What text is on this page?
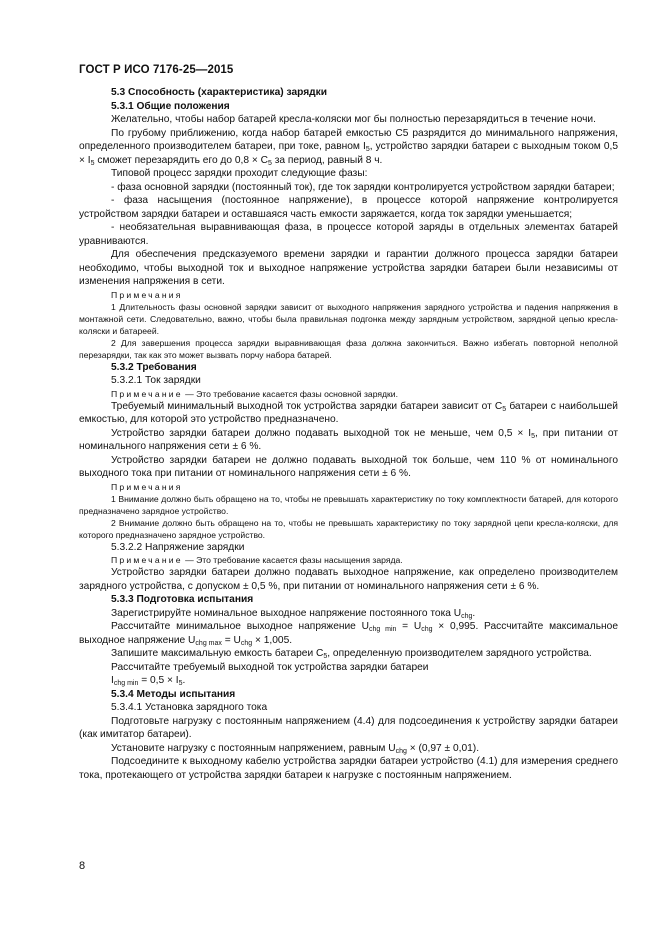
ГОСТ Р ИСО 7176-25—2015

5.3 Способность (характеристика) зарядки

5.3.1 Общие положения

Желательно, чтобы набор батарей кресла-коляски мог бы полностью перезарядиться в течение ночи.

По грубому приближению, когда набор батарей емкостью C5 разрядится до минимального напряжения, определенного производителем батареи, при токе, равном $I_5$, устройство зарядки батареи с выходным током $0,5 \times I_5$ сможет перезарядить его до $0,8 \times C_5$ за период, равный 8 ч.

Типовой процесс зарядки проходит следующие фазы:

- фаза основной зарядки (постоянный ток), где ток зарядки контролируется устройством зарядки батареи;

- фаза насыщения (постоянное напряжение), в процессе которой напряжение контролируется устройством зарядки батареи и оставшаяся часть емкости заряжается, когда ток зарядки уменьшается;

- необязательная выравнивающая фаза, в процессе которой заряды в отдельных элементах батарей уравниваются.

Для обеспечения предсказуемого времени зарядки и гарантии должного процесса зарядки батареи необходимо, чтобы выходной ток и выходное напряжение устройства зарядки батареи были независимы от изменения напряжения в сети.

Примечания

1 Длительность фазы основной зарядки зависит от выходного напряжения зарядного устройства и падения напряжения в монтажной сети. Следовательно, важно, чтобы была правильная подгонка между зарядным устройством, зарядной цепью кресла-коляски и батареей.

2 Для завершения процесса зарядки выравнивающая фаза должна закончиться. Важно избегать повторной неполной перезарядки, так как это может вызвать порчу набора батарей.

5.3.2 Требования

5.3.2.1 Ток зарядки

Примечание — Это требование касается фазы основной зарядки.

Требуемый минимальный выходной ток устройства зарядки батареи зависит от $C_5$ батареи с наибольшей емкостью, для которой это устройство предназначено.

Устройство зарядки батареи должно подавать выходной ток не меньше, чем $0,5 \times I_5$, при питании от номинального напряжения сети ± 6 %.

Устройство зарядки батареи не должно подавать выходной ток больше, чем 110 % от номинального выходного тока при питании от номинального напряжения сети ± 6 %.

Примечания

1 Внимание должно быть обращено на то, чтобы не превышать характеристику по току комплектности батарей, для которого предназначено зарядное устройство.

2 Внимание должно быть обращено на то, чтобы не превышать характеристику по току зарядной цепи кресла-коляски, для которого предназначено зарядное устройство.

5.3.2.2 Напряжение зарядки

Примечание — Это требование касается фазы насыщения заряда.

Устройство зарядки батареи должно подавать выходное напряжение, как определено производителем зарядного устройства, с допуском ± 0,5 %, при питании от номинального напряжения сети ± 6 %.

5.3.3 Подготовка испытания

Зарегистрируйте номинальное выходное напряжение постоянного тока $U_{chg}$.

Рассчитайте минимальное выходное напряжение $U_{chg min} = U_{chg} \times 0,995$. Рассчитайте максимальное выходное напряжение $U_{chg max} = U_{chg} \times 1,005$.

Запишите максимальную емкость батареи $C_5$, определенную производителем зарядного устройства.

Рассчитайте требуемый выходной ток устройства зарядки батареи

$I_{chg min} = 0,5 \times I_5$.

5.3.4 Методы испытания

5.3.4.1 Установка зарядного тока

Подготовьте нагрузку с постоянным напряжением (4.4) для подсоединения к устройству зарядки батареи (как имитатор батареи).

Установите нагрузку с постоянным напряжением, равным $U_{chg} \times (0,97 \pm 0,01)$.

Подсоедините к выходному кабелю устройства зарядки батареи устройство (4.1) для измерения среднего тока, протекающего от устройства зарядки батареи к нагрузке с постоянным напряжением.

8
